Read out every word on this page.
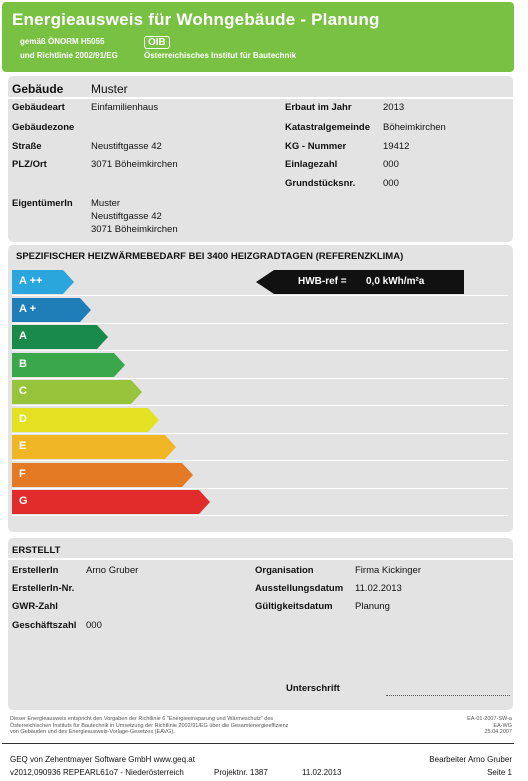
Energieausweis für Wohngebäude - Planung
gemäß ÖNORM H5055
und Richtlinie 2002/91/EG
OIB
Österreichisches Institut für Bautechnik
Gebäude Muster
Gebäudeart	Einfamilienhaus
Gebäudezone
Straße	Neustiftgasse 42
PLZ/Ort	3071 Böheimkirchen
Erbaut im Jahr	2013
Katastralgemeinde Böheimkirchen
KG - Nummer	19412
Einlagezahl	000
Grundstücksnr.	000
EigentümerIn Muster
Neustiftgasse 42
3071 Böheimkirchen
SPEZIFISCHER HEIZWÄRMEBEDARF BEI 3400 HEIZGRADTAGEN (REFERENZKLIMA)
A ++
A +
A
B
C
D
E
F
G
HWB-ref = 0,0 kWh/m²a
ERSTELLT
ErstellerIn	Arno Gruber
ErstellerIn-Nr.
GWR-Zahl
Geschäftszahl 000
Organisation	Firma Kickinger
Ausstellungsdatum 11.02.2013
Gültigkeitsdatum Planung
Unterschrift
Dieser Energieausweis entspricht den Vorgaben der Richtlinie 6 "Energieeinsparung und Wärmeschutz" des
Österreichischen Instituts für Bautechnik in Umsetzung der Richtlinie 2002/91/EG über die Gesamtenergieeffizienz
von Gebäuden und des Energieausweis-Vorlage-Gesetzes (EAVG).
EA-01-2007-SW-a
EA-WG
25.04.2007
GEQ von Zehentmayer Software GmbH www.geq.at
v2012,090936 REPEARL61o7 - Niederösterreich	Projektnr. 1387	11.02.2013
Bearbeiter Arno Gruber
Seite 1
